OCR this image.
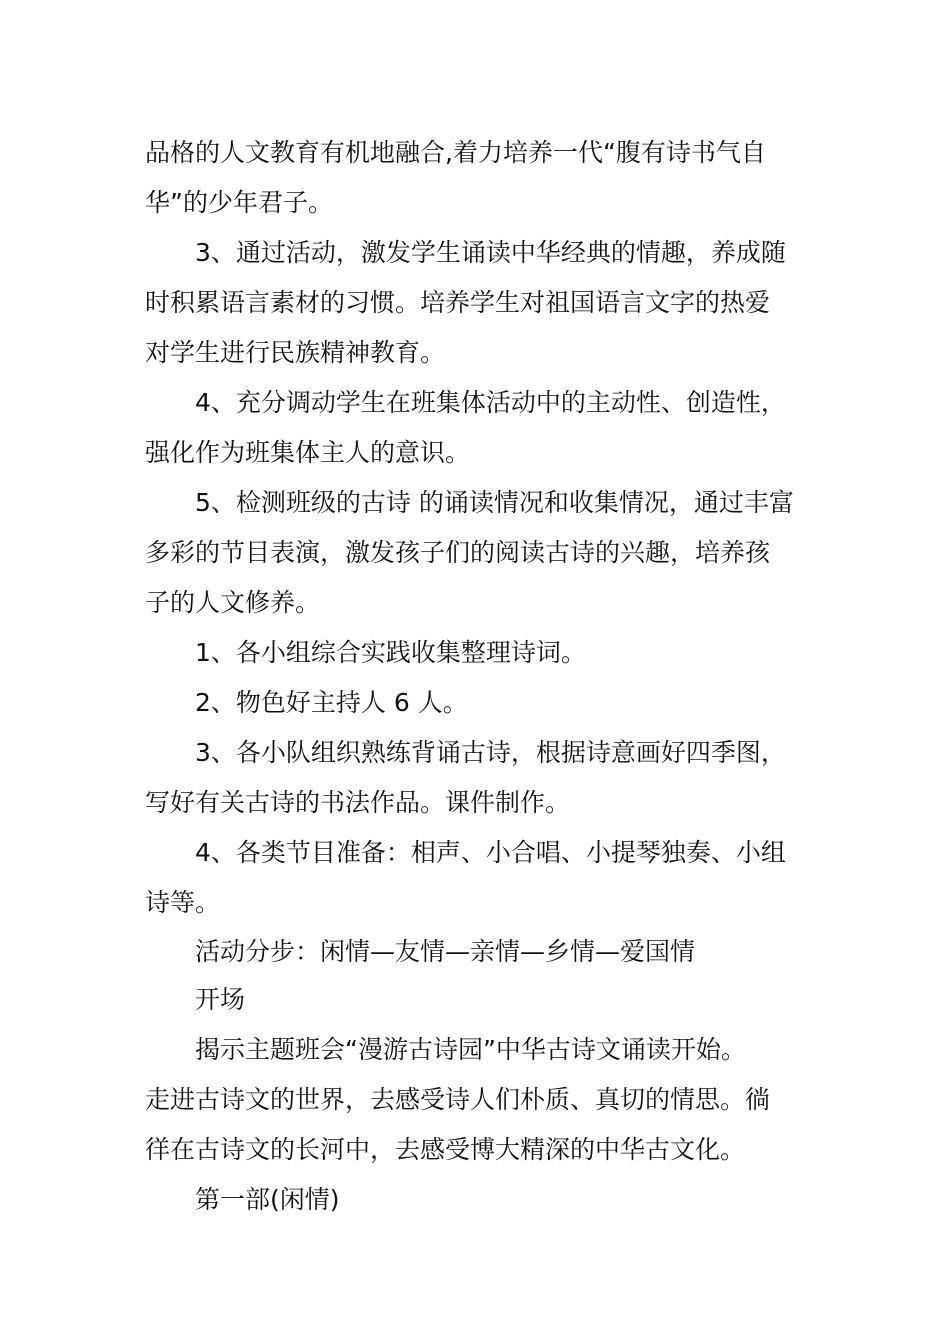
品格的人文教育有机地融合,着力培养一代“腹有诗书气自
华”的少年君子。
3、通过活动，激发学生诵读中华经典的情趣，养成随
时积累语言素材的习惯。培养学生对祖国语言文字的热爱
对学生进行民族精神教育。
4、充分调动学生在班集体活动中的主动性、创造性，
强化作为班集体主人的意识。
5、检测班级的古诗 的诵读情况和收集情况，通过丰富
多彩的节目表演，激发孩子们的阅读古诗的兴趣，培养孩
子的人文修养。
1、各小组综合实践收集整理诗词。
2、物色好主持人 6 人。
3、各小队组织熟练背诵古诗，根据诗意画好四季图，
写好有关古诗的书法作品。课件制作。
4、各类节目准备：相声、小合唱、小提琴独奏、小组
诗等。
活动分步：闲情—友情—亲情—乡情—爱国情
开场
揭示主题班会“漫游古诗园”中华古诗文诵读开始。
走进古诗文的世界，去感受诗人们朴质、真切的情思。徜
徉在古诗文的长河中，去感受博大精深的中华古文化。
第一部(闲情)
